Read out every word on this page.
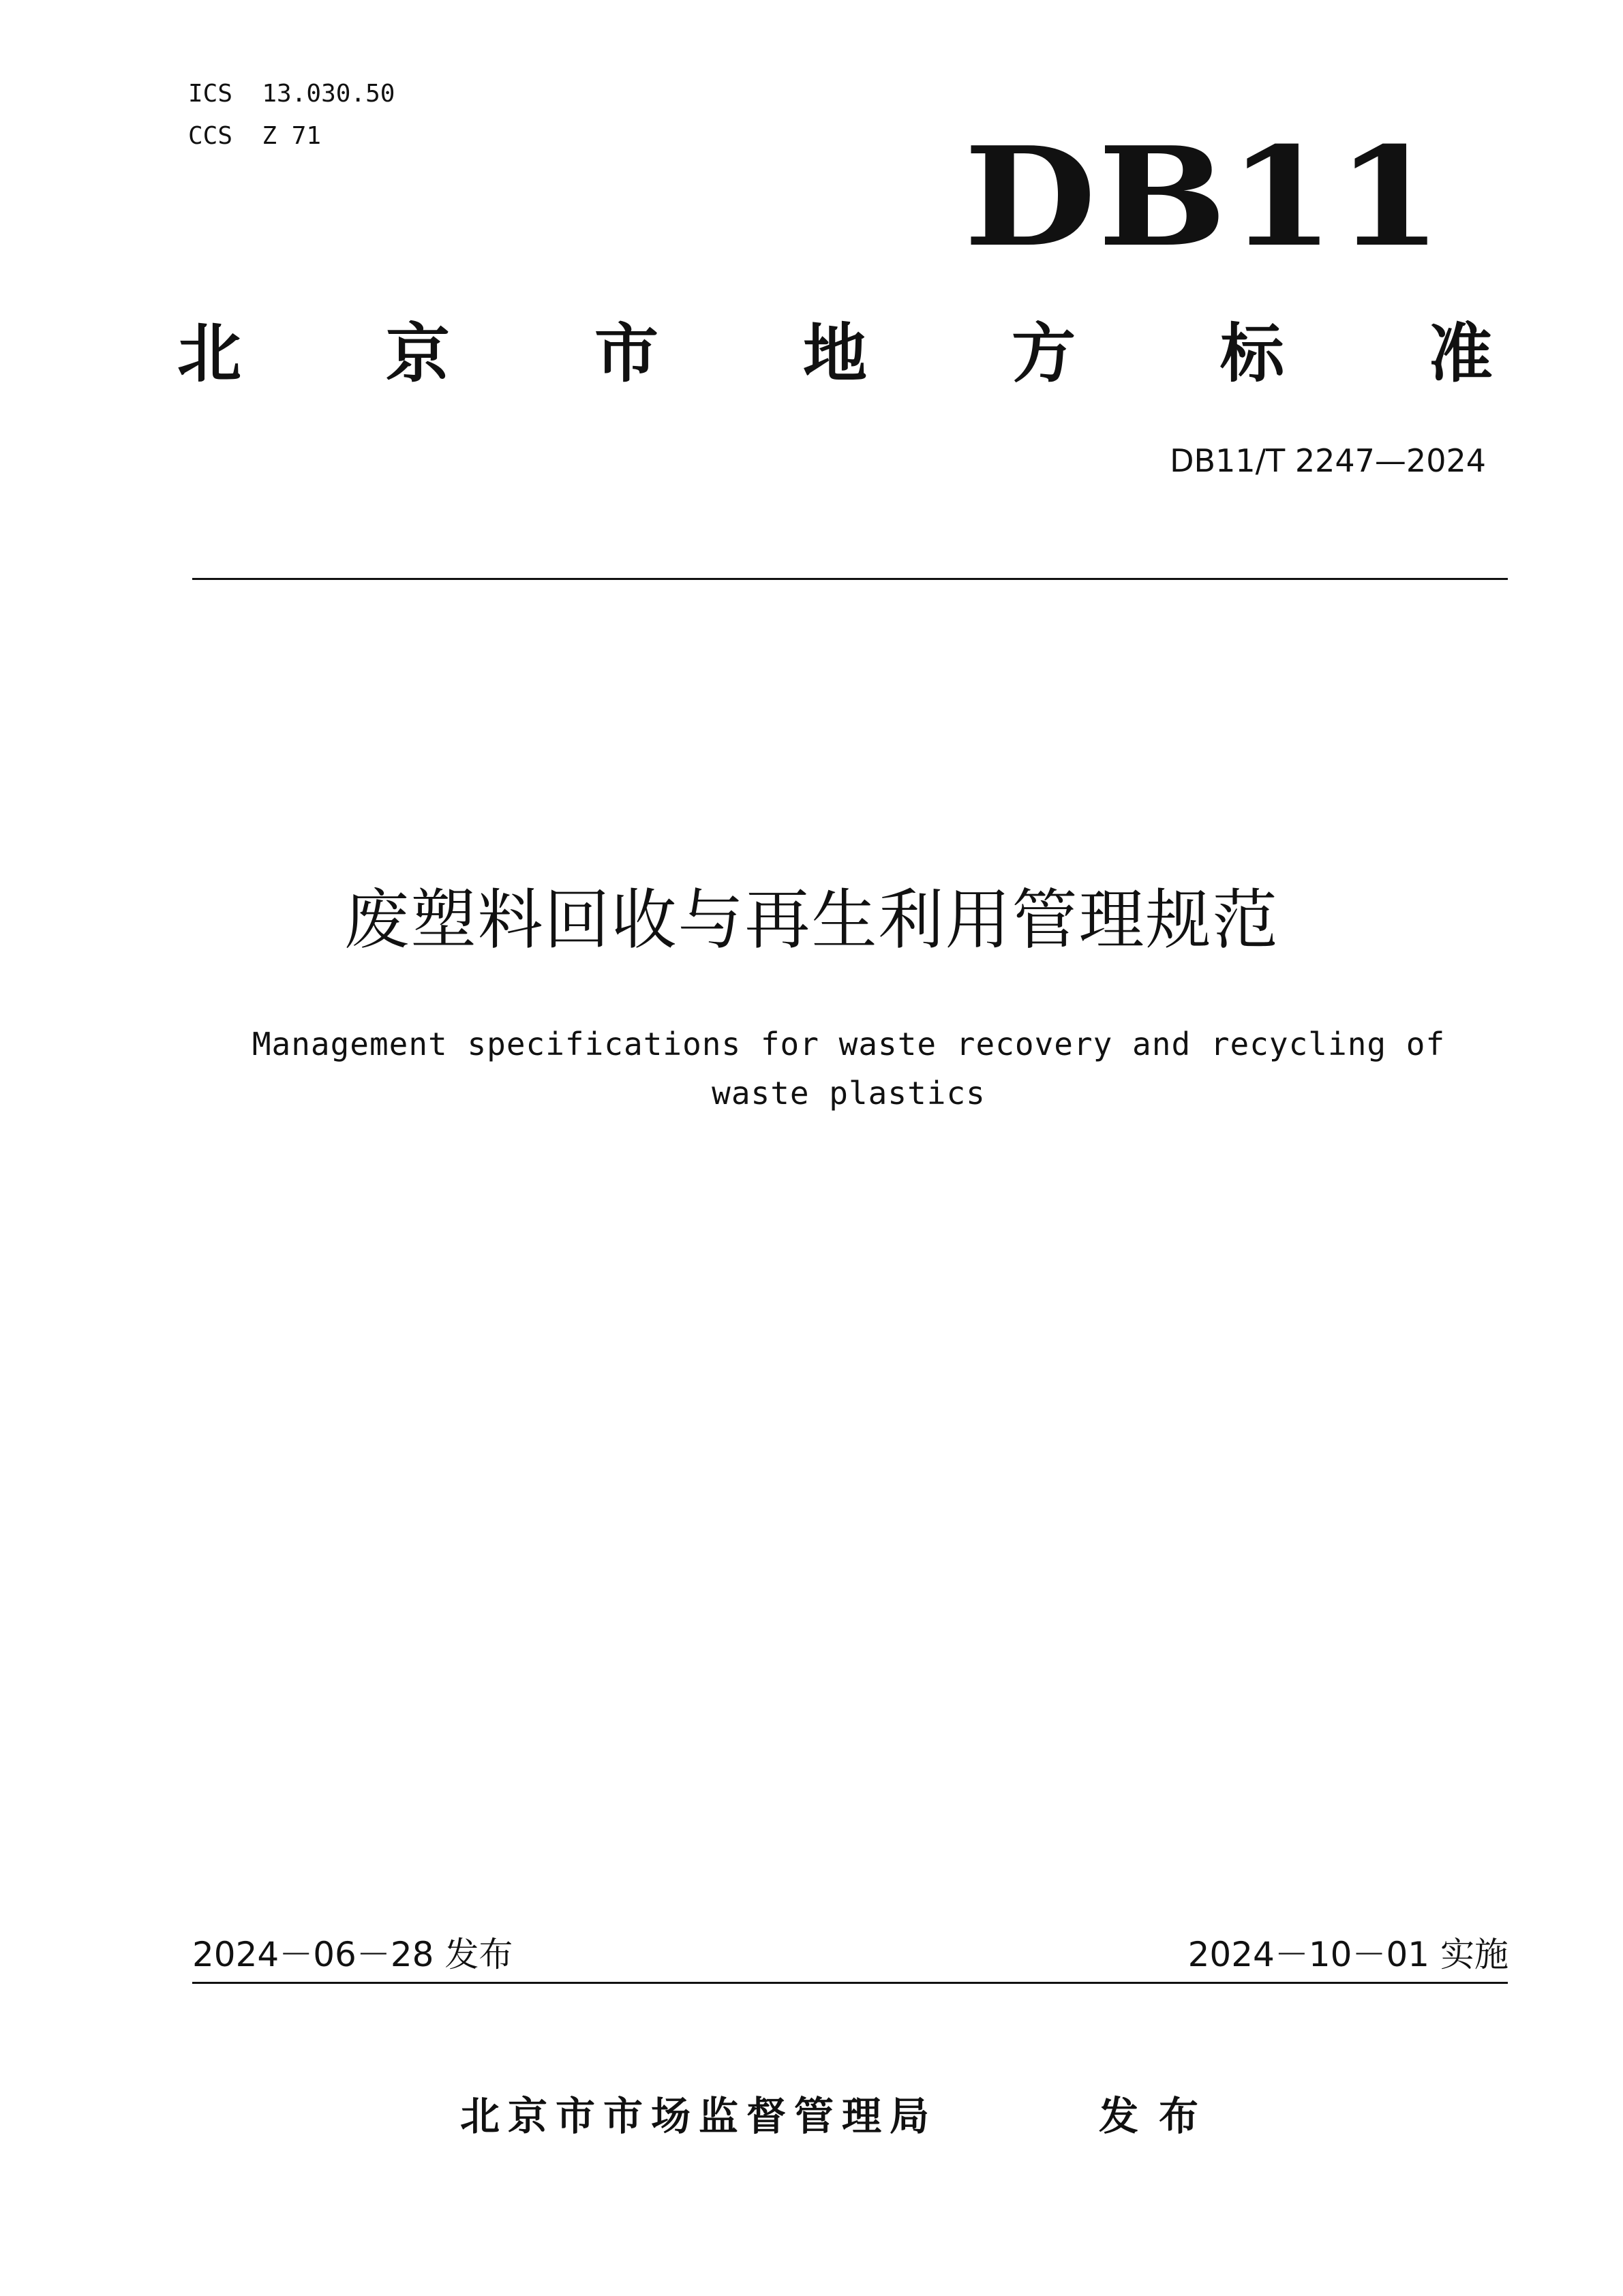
ICS  13.030.50
CCS  Z 71	DB11
北 京 市 地 方 标 准
DB11/T 2247—2024
废塑料回收与再生利用管理规范
Management specifications for waste recovery and recycling of waste plastics
2024－06－28 发布	2024－10－01 实施
北京市市场监督管理局	发布
